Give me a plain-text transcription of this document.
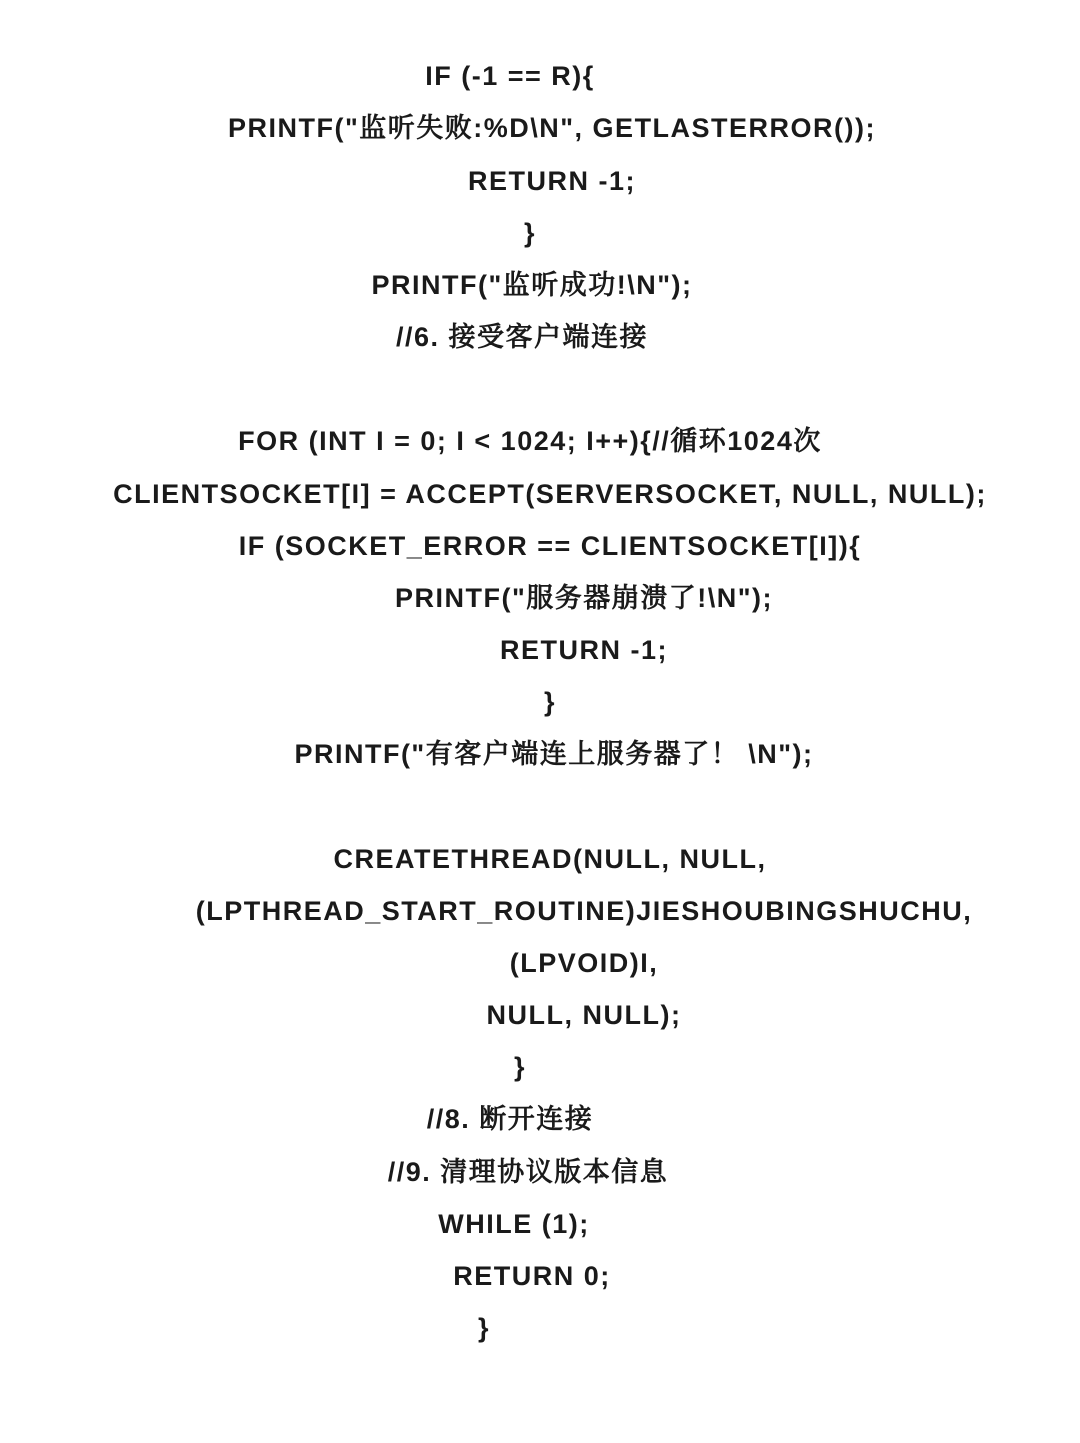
IF (-1 == R){
PRINTF("监听失败:%D\N", GETLASTERROR());
RETURN -1;
}
PRINTF("监听成功!\N");
//6. 接受客户端连接
FOR (INT I = 0; I < 1024; I++){//循环1024次
CLIENTSOCKET[I] = ACCEPT(SERVERSOCKET, NULL, NULL);
IF (SOCKET_ERROR == CLIENTSOCKET[I]){
PRINTF("服务器崩溃了!\N");
RETURN -1;
}
PRINTF("有客户端连上服务器了！ \N");
CREATETHREAD(NULL, NULL,
(LPTHREAD_START_ROUTINE)JIESHOUBINGSHUCHU,
(LPVOID)I,
NULL, NULL);
}
//8. 断开连接
//9. 清理协议版本信息
WHILE (1);
RETURN 0;
}
